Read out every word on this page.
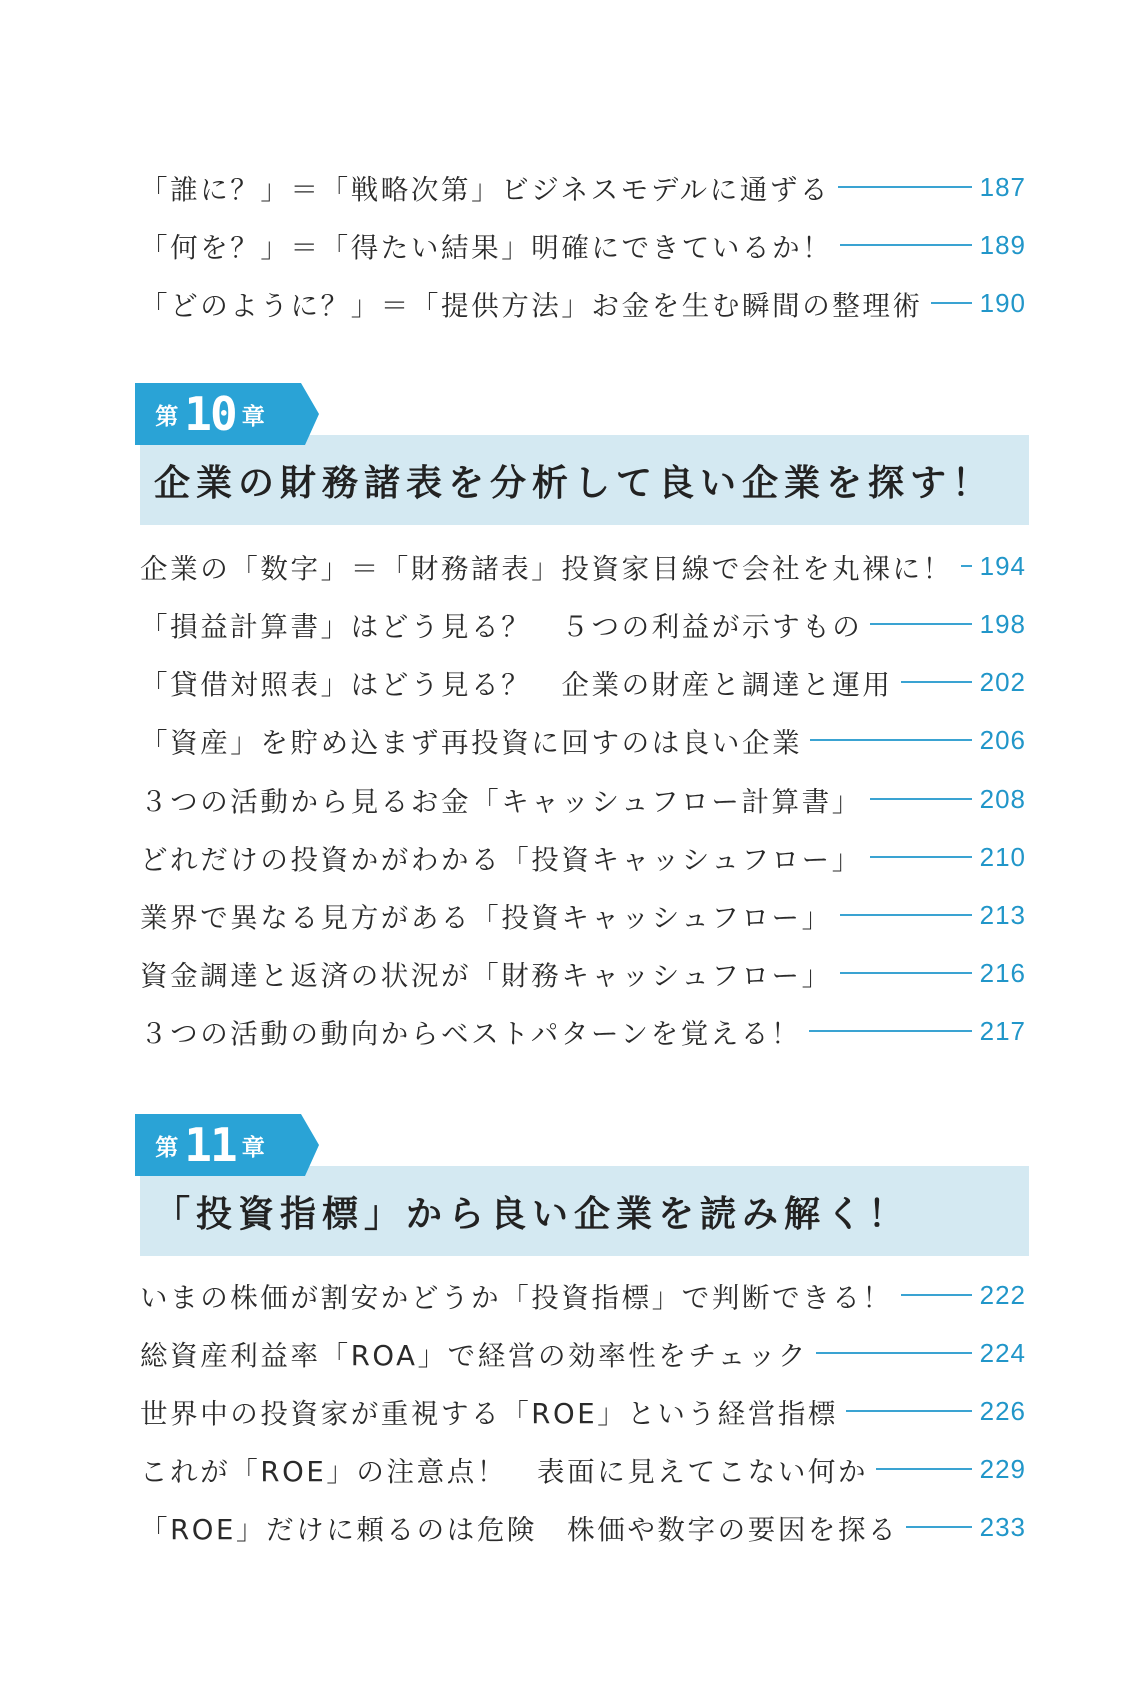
「誰に？」＝「戦略次第」ビジネスモデルに通ずる	187
「何を？」＝「得たい結果」明確にできているか！	189
「どのように？」＝「提供方法」お金を生む瞬間の整理術 190
企業の財務諸表を分析して良い企業を探す！
第 10 章
企業の「数字」＝「財務諸表」投資家目線で会社を丸裸に！ 194
「損益計算書」はどう見る？　５つの利益が示すもの	198
「貸借対照表」はどう見る？　企業の財産と調達と運用	202
「資産」を貯め込まず再投資に回すのは良い企業	206
３つの活動から見るお金「キャッシュフロー計算書」	208
どれだけの投資かがわかる「投資キャッシュフロー」	210
業界で異なる見方がある「投資キャッシュフロー」	213
資金調達と返済の状況が「財務キャッシュフロー」	216
３つの活動の動向からベストパターンを覚える！	217
「投資指標」から良い企業を読み解く！
第 11 章
いまの株価が割安かどうか「投資指標」で判断できる！	222
総資産利益率「ROA」で経営の効率性をチェック	224
世界中の投資家が重視する「ROE」という経営指標	226
これが「ROE」の注意点！　表面に見えてこない何か	229
「ROE」だけに頼るのは危険　株価や数字の要因を探る	233
